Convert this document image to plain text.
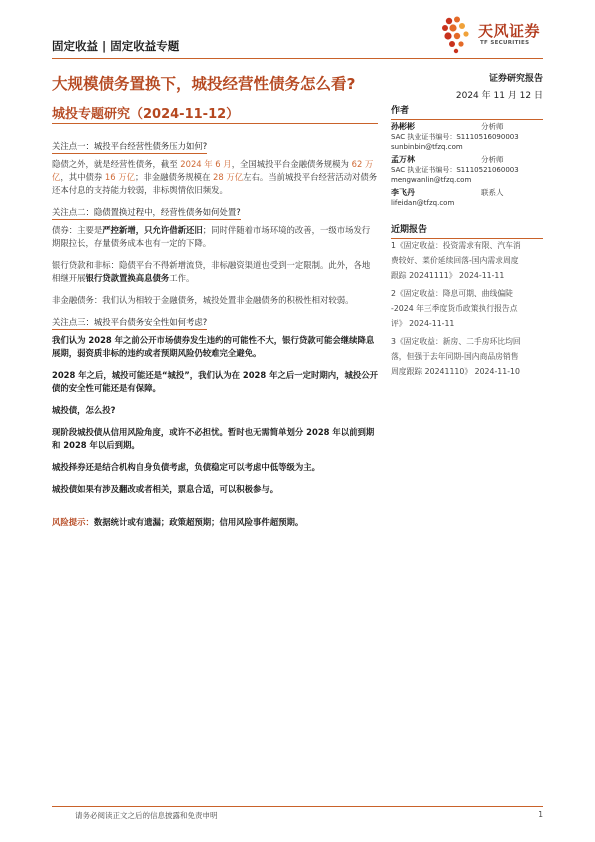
固定收益 | 固定收益专题
天风证券
TF SECURITIES
大规模债务置换下，城投经营性债务怎么看?
城投专题研究（2024-11-12）
证券研究报告
2024 年 11 月 12 日
作者
孙彬彬	分析师
SAC 执业证书编号：S1110516090003
sunbinbin@tfzq.com
孟万林	分析师
SAC 执业证书编号：S1110521060003
mengwanlin@tfzq.com
李飞丹	联系人
lifeidan@tfzq.com
近期报告
1《固定收益：投资需求有限、汽车消
费较好、菜价延续回落-国内需求周度
跟踪 20241111》 2024-11-11
2《固定收益：降息可期、曲线偏陡
-2024 年三季度货币政策执行报告点
评》 2024-11-11
3《固定收益：新房、二手房环比均回
落，但强于去年同期-国内商品房销售
周度跟踪 20241110》 2024-11-10
关注点一：城投平台经营性债务压力如何?
隐债之外，就是经营性债务，截至 2024 年 6 月，全国城投平台金融债务规模为 62 万亿，其中债券 16 万亿；非金融债务规模在 28 万亿左右。当前城投平台经营活动对债务还本付息的支持能力较弱，非标舆情依旧频发。
关注点二：隐债置换过程中，经营性债务如何处置?
债券：主要是严控新增，只允许借新还旧；同时伴随着市场环境的改善，一级市场发行期限拉长，存量债务成本也有一定的下降。
银行贷款和非标：隐债平台不得新增流贷，非标融资渠道也受到一定限制。此外，各地相继开展银行贷款置换高息债务工作。
非金融债务：我们认为相较于金融债务，城投处置非金融债务的积极性相对较弱。
关注点三：城投平台债务安全性如何考虑?
我们认为 2028 年之前公开市场债券发生违约的可能性不大，银行贷款可能会继续降息展期，弱资质非标的违约或者预期风险仍较难完全避免。
2028 年之后，城投可能还是“城投”，我们认为在 2028 年之后一定时期内，城投公开债的安全性可能还是有保障。
城投债，怎么投?
现阶段城投债从信用风险角度，或许不必担忧。暂时也无需简单划分 2028 年以前到期和 2028 年以后到期。
城投择券还是结合机构自身负债考虑，负债稳定可以考虑中低等级为主。
城投债如果有涉及翻改或者相关，票息合适，可以积极参与。
风险提示：数据统计或有遗漏；政策超预期；信用风险事件超预期。
请务必阅读正文之后的信息披露和免责申明	1
